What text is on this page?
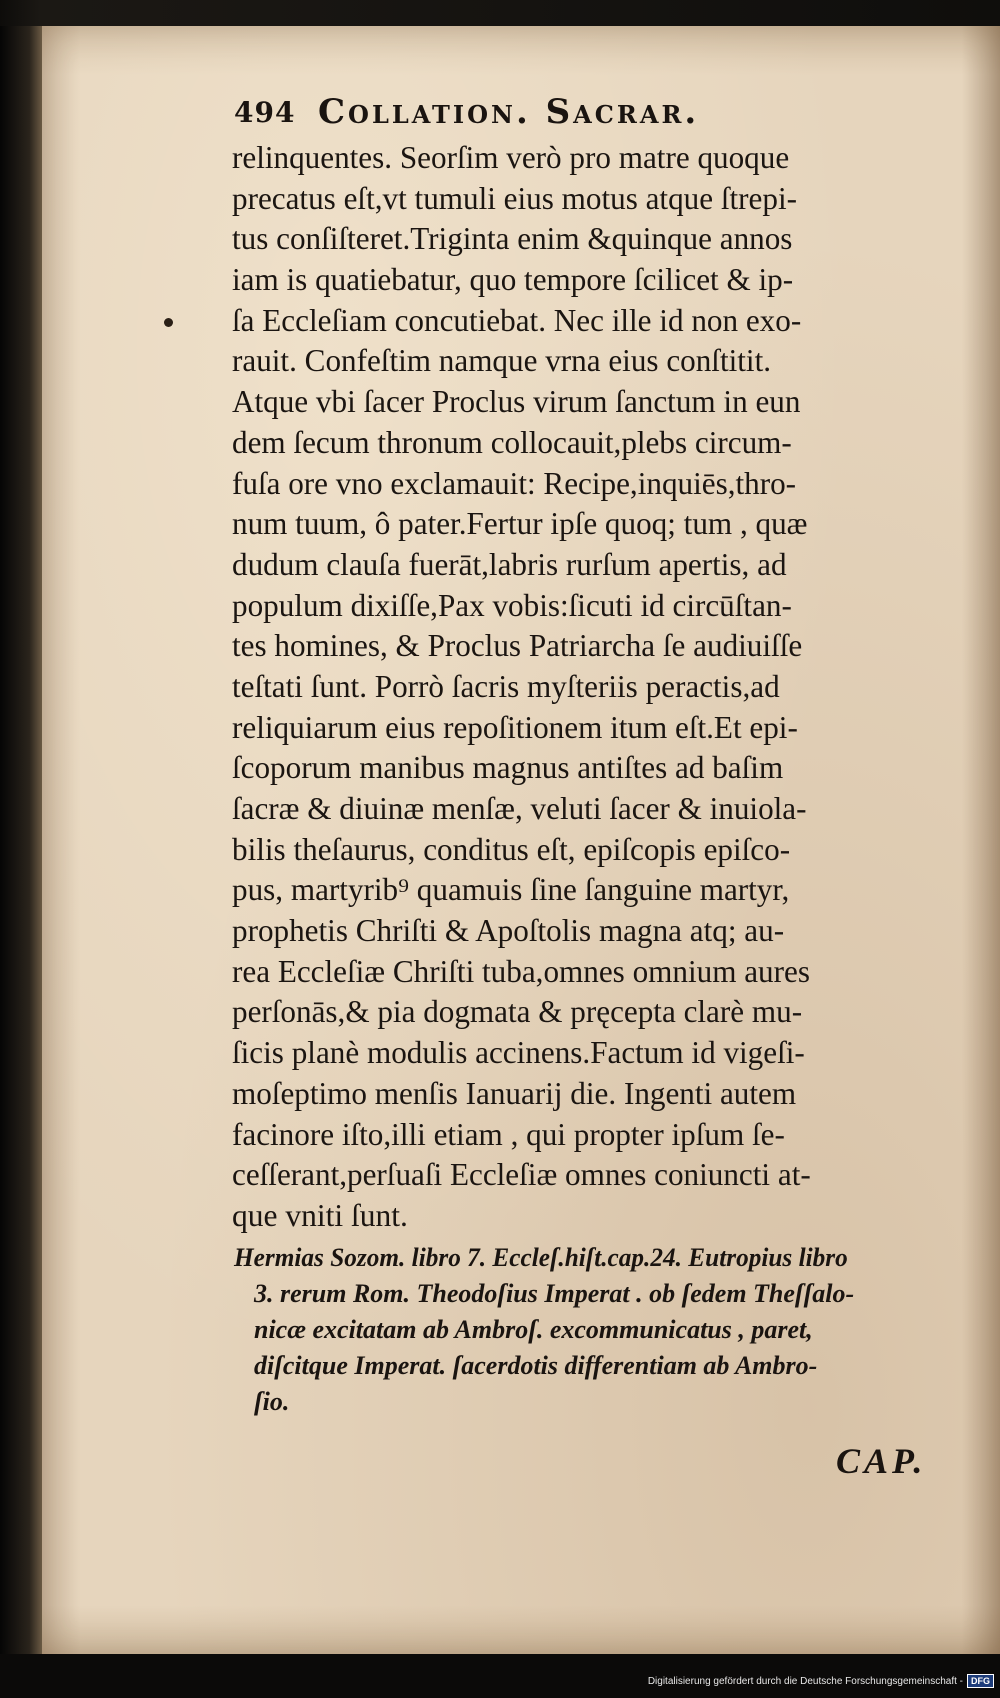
494 Collation. Sacrar.
relinquentes. Seorſim verò pro matre quoque
precatus eſt,vt tumuli eius motus atque ſtrepi-
tus conſiſteret.Triginta enim &quinque annos
iam is quatiebatur, quo tempore ſcilicet & ip-
ſa Eccleſiam concutiebat. Nec ille id non exo-
rauit. Confeſtim namque vrna eius conſtitit.
Atque vbi ſacer Proclus virum ſanctum in eun
dem ſecum thronum collocauit,plebs circum-
fuſa ore vno exclamauit: Recipe,inquiēs,thro-
num tuum, ô pater.Fertur ipſe quoq; tum , quæ
dudum clauſa fuerāt,labris rurſum apertis, ad
populum dixiſſe,Pax vobis:ſicuti id circūſtan-
tes homines, & Proclus Patriarcha ſe audiuiſſe
teſtati ſunt. Porrò ſacris myſteriis peractis,ad
reliquiarum eius repoſitionem itum eſt.Et epi-
ſcoporum manibus magnus antiſtes ad baſim
ſacræ & diuinæ menſæ, veluti ſacer & inuiola-
bilis theſaurus, conditus eſt, epiſcopis epiſco-
pus, martyrib⁹ quamuis ſine ſanguine martyr,
prophetis Chriſti & Apoſtolis magna atq; au-
rea Eccleſiæ Chriſti tuba,omnes omnium aures
perſonās,& pia dogmata & pręcepta clarè mu-
ſicis planè modulis accinens.Factum id vigeſi-
moſeptimo menſis Ianuarij die. Ingenti autem
facinore iſto,illi etiam , qui propter ipſum ſe-
ceſſerant,perſuaſi Eccleſiæ omnes coniuncti at-
que vniti ſunt.
Hermias Sozom. libro 7. Eccleſ.hiſt.cap.24. Eutropius libro
3. rerum Rom. Theodoſius Imperat . ob ſedem Theſſalo-
nicæ excitatam ab Ambroſ. excommunicatus , paret,
diſcitque Imperat. ſacerdotis differentiam ab Ambro-
ſio.
CAP.
Digitalisierung gefördert durch die Deutsche Forschungsgemeinschaft - DFG
